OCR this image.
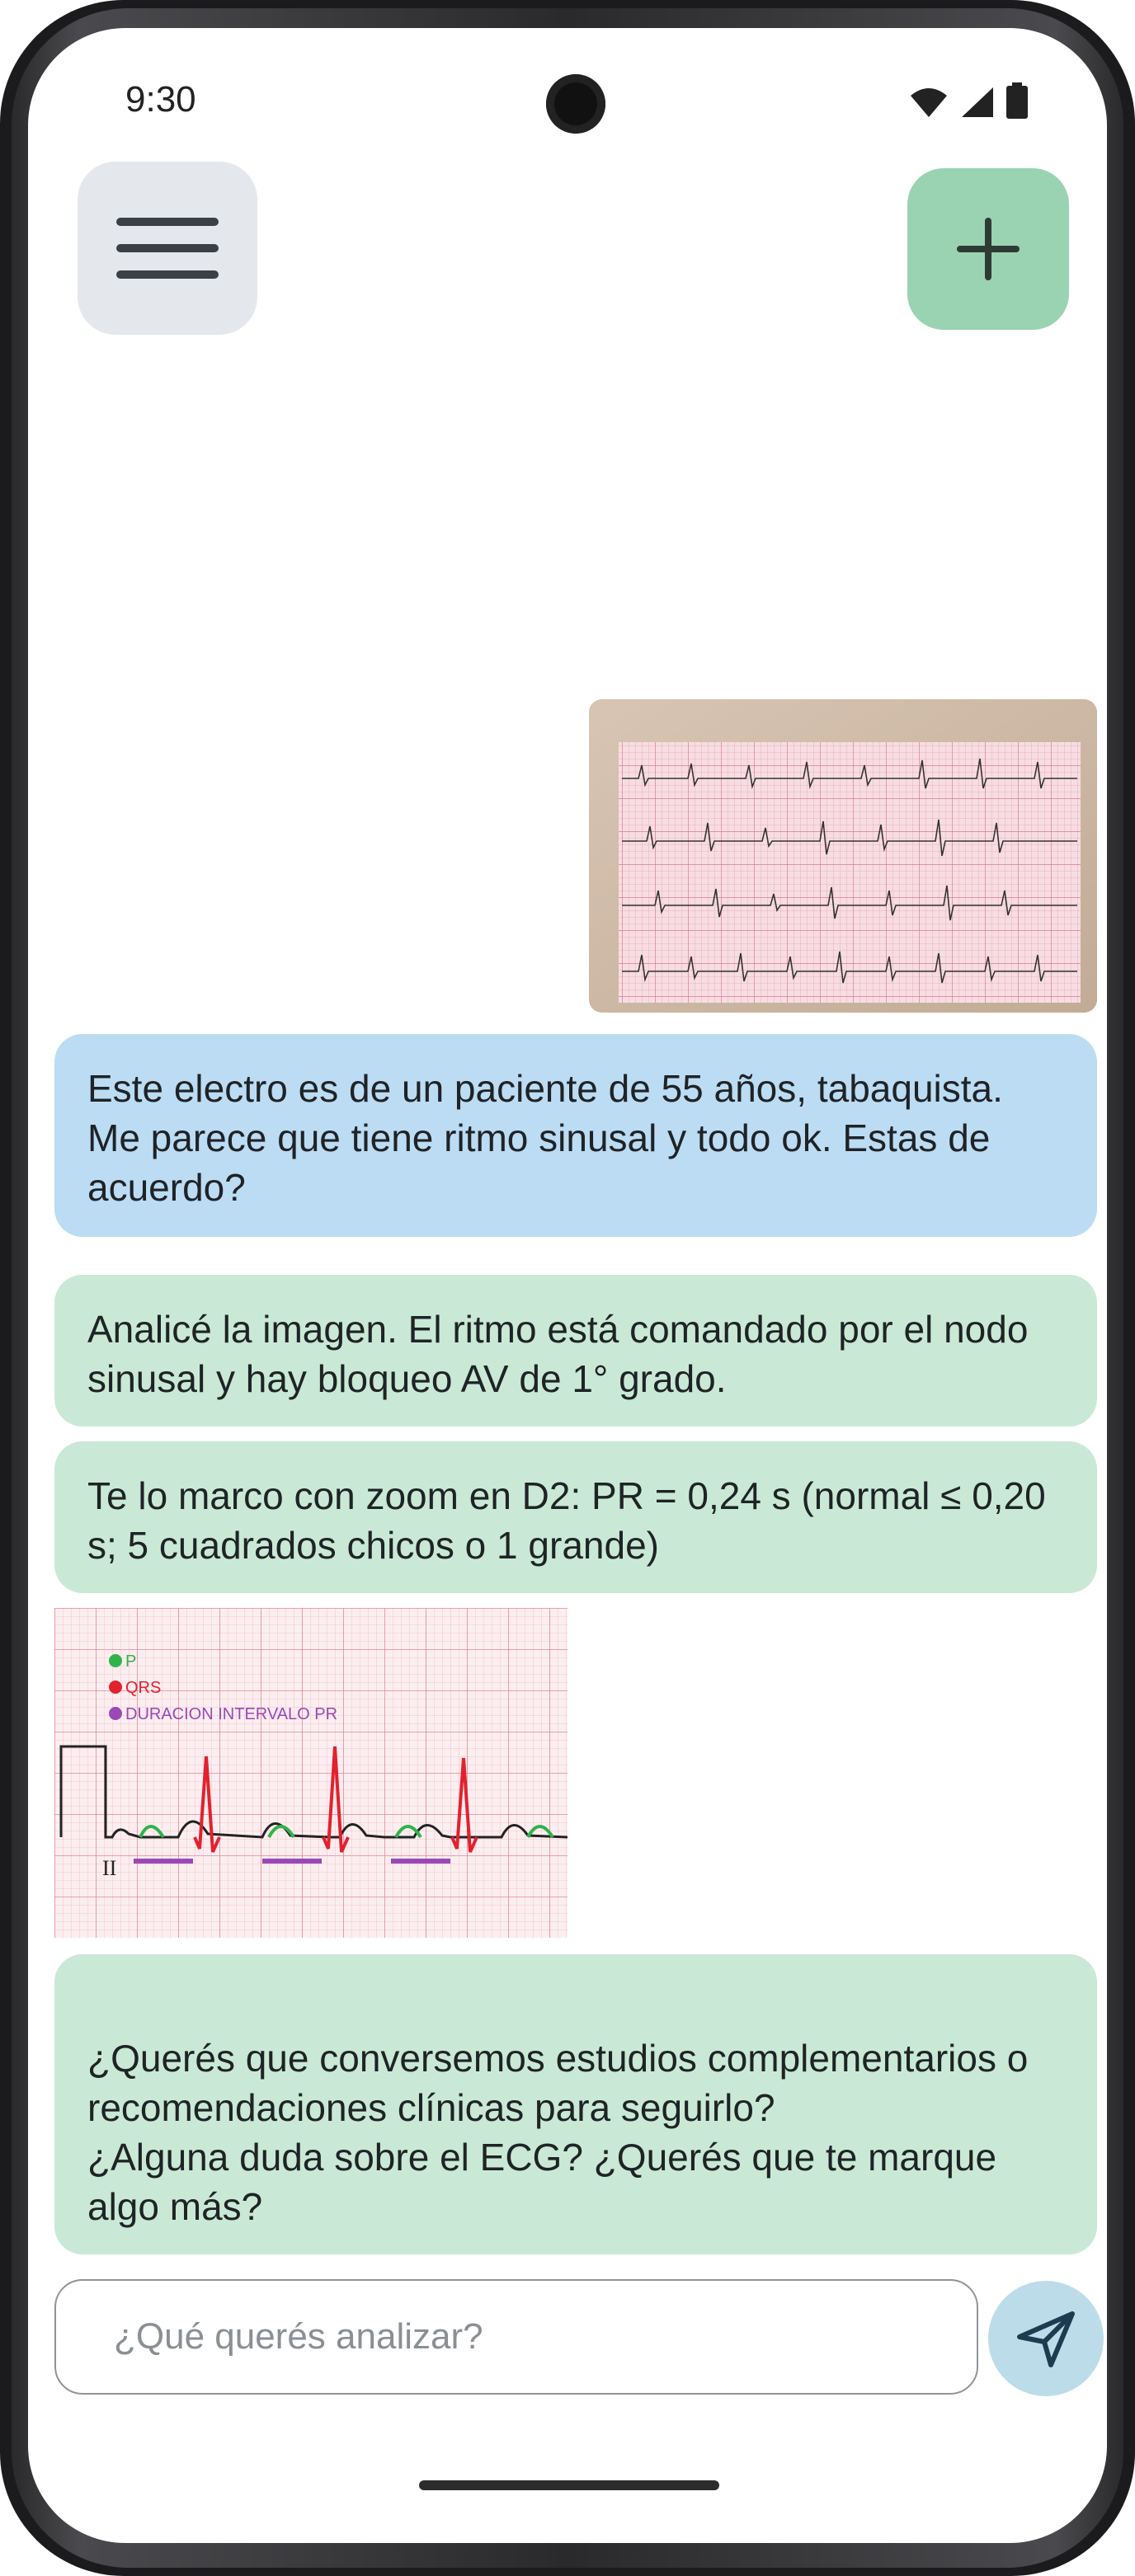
9:30
Este electro es de un paciente de 55 años, tabaquista. Me parece que tiene ritmo sinusal y todo ok. Estas de acuerdo?
Analicé la imagen. El ritmo está comandado por el nodo sinusal y hay bloqueo AV de 1° grado.
Te lo marco con zoom en D2: PR = 0,24 s (normal ≤ 0,20 s; 5 cuadrados chicos o 1 grande)
P
QRS
DURACION INTERVALO PR
II

¿Querés que conversemos estudios complementarios o recomendaciones clínicas para seguirlo?
¿Alguna duda sobre el ECG? ¿Querés que te marque algo más?

¿Qué querés analizar?
